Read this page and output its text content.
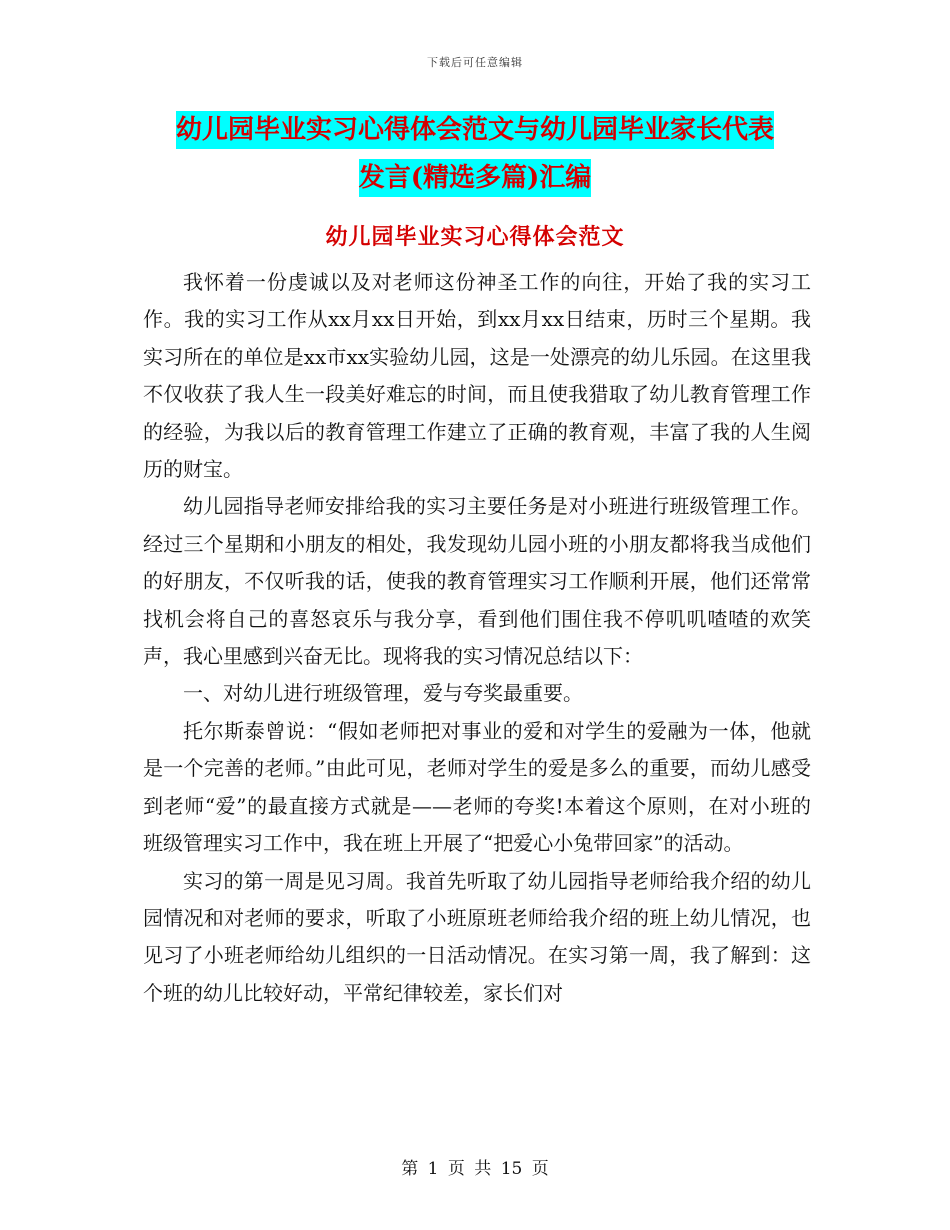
下载后可任意编辑
幼儿园毕业实习心得体会范文与幼儿园毕业家长代表
发言(精选多篇)汇编
幼儿园毕业实习心得体会范文

我怀着一份虔诚以及对老师这份神圣工作的向往，开始了我的实习工作。我的实习工作从xx月xx日开始，到xx月xx日结束，历时三个星期。我实习所在的单位是xx市xx实验幼儿园，这是一处漂亮的幼儿乐园。在这里我不仅收获了我人生一段美好难忘的时间，而且使我猎取了幼儿教育管理工作的经验，为我以后的教育管理工作建立了正确的教育观，丰富了我的人生阅历的财宝。

幼儿园指导老师安排给我的实习主要任务是对小班进行班级管理工作。经过三个星期和小朋友的相处，我发现幼儿园小班的小朋友都将我当成他们的好朋友，不仅听我的话，使我的教育管理实习工作顺利开展，他们还常常找机会将自己的喜怒哀乐与我分享，看到他们围住我不停叽叽喳喳的欢笑声，我心里感到兴奋无比。现将我的实习情况总结以下：

一、对幼儿进行班级管理，爱与夸奖最重要。

托尔斯泰曾说：“假如老师把对事业的爱和对学生的爱融为一体，他就是一个完善的老师。”由此可见，老师对学生的爱是多么的重要，而幼儿感受到老师“爱”的最直接方式就是——老师的夸奖!本着这个原则，在对小班的班级管理实习工作中，我在班上开展了“把爱心小兔带回家”的活动。

实习的第一周是见习周。我首先听取了幼儿园指导老师给我介绍的幼儿园情况和对老师的要求，听取了小班原班老师给我介绍的班上幼儿情况，也见习了小班老师给幼儿组织的一日活动情况。在实习第一周，我了解到：这个班的幼儿比较好动，平常纪律较差，家长们对

第 1 页 共 15 页
